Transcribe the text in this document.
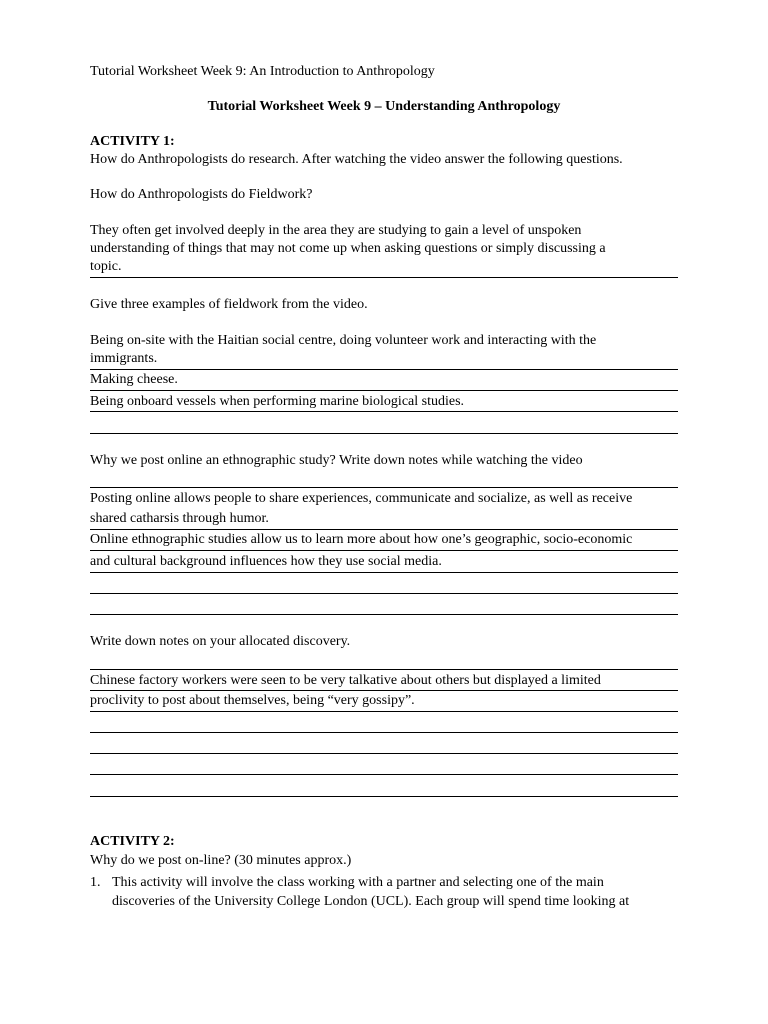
Tutorial Worksheet Week 9: An Introduction to Anthropology
Tutorial Worksheet Week 9 – Understanding Anthropology
ACTIVITY 1:
How do Anthropologists do research. After watching the video answer the following questions.
How do Anthropologists do Fieldwork?
They often get involved deeply in the area they are studying to gain a level of unspoken
understanding of things that may not come up when asking questions or simply discussing a
topic.
Give three examples of fieldwork from the video.
Being on-site with the Haitian social centre, doing volunteer work and interacting with the
immigrants.
Making cheese.
Being onboard vessels when performing marine biological studies.
Why we post online an ethnographic study? Write down notes while watching the video
Posting online allows people to share experiences, communicate and socialize, as well as receive
shared catharsis through humor.
Online ethnographic studies allow us to learn more about how one’s geographic, socio-economic
and cultural background influences how they use social media.
Write down notes on your allocated discovery.
Chinese factory workers were seen to be very talkative about others but displayed a limited
proclivity to post about themselves, being “very gossipy”.
ACTIVITY 2:
Why do we post on-line? (30 minutes approx.)
1. This activity will involve the class working with a partner and selecting one of the main
discoveries of the University College London (UCL). Each group will spend time looking at
